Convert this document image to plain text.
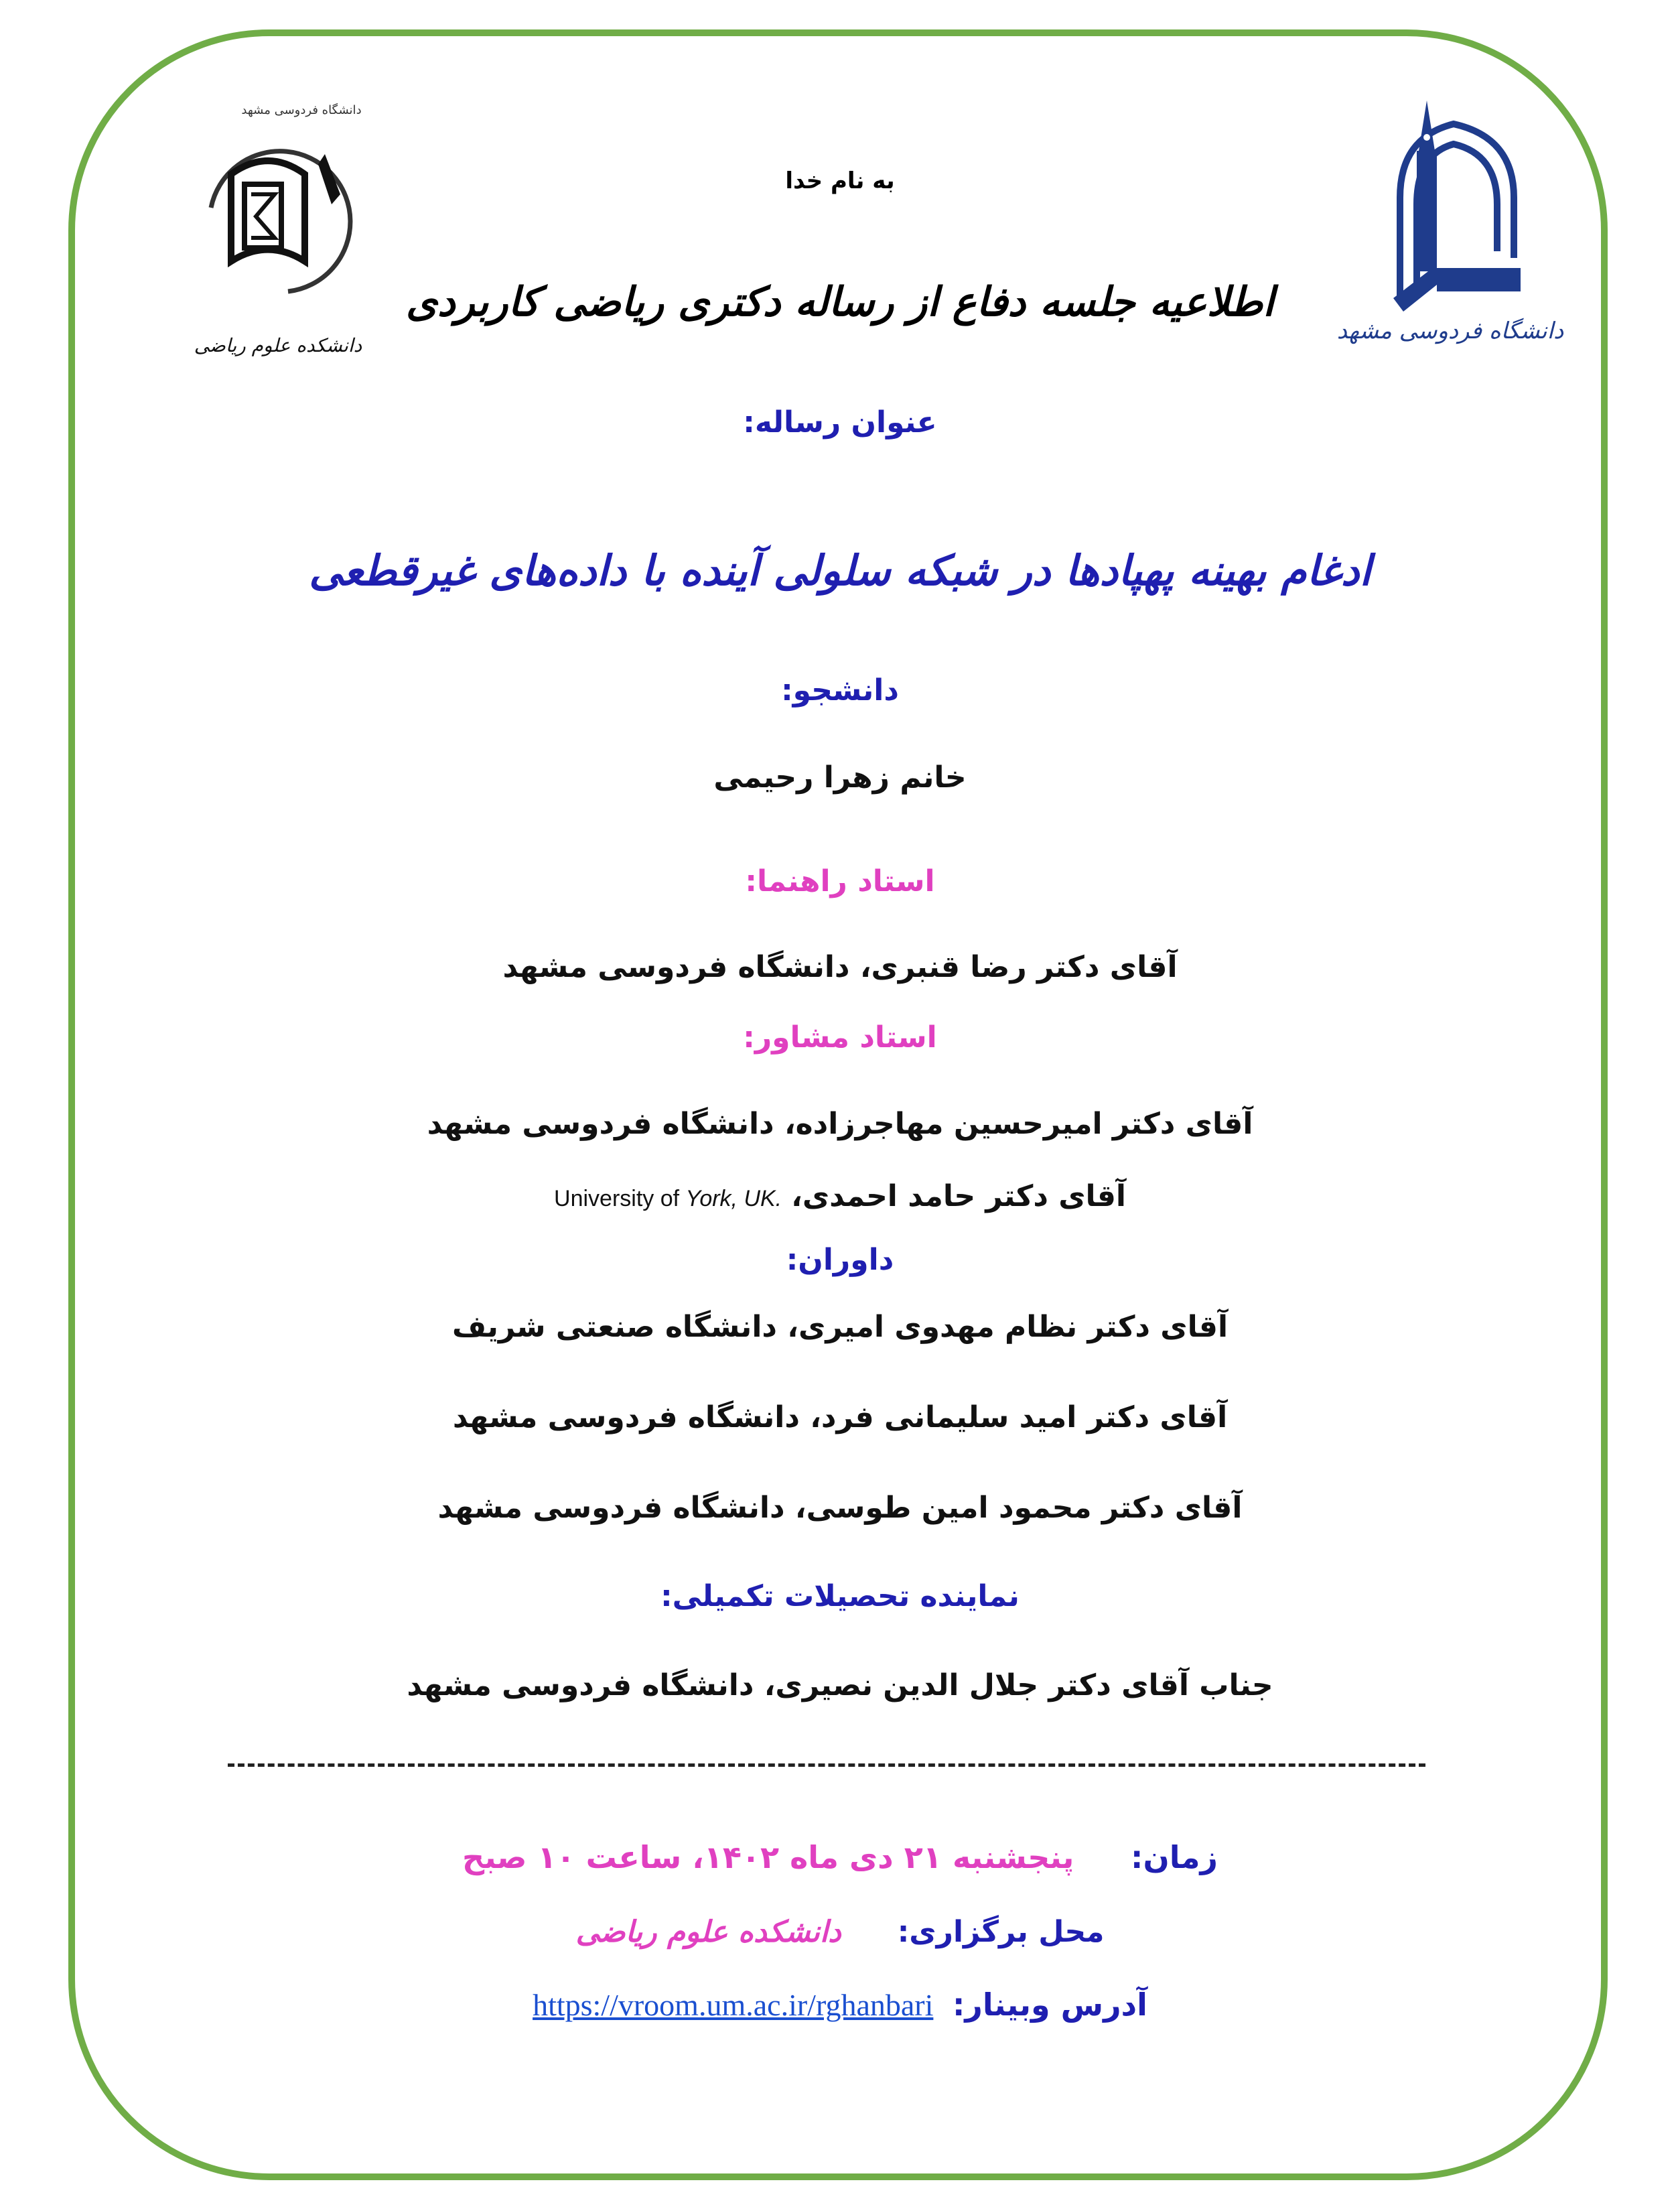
دانشگاه فردوسی مشهد
دانشکده علوم ریاضی
دانشگاه فردوسی مشهد
به نام خدا
اطلاعیه جلسه دفاع از رساله دکتری ریاضی کاربردی
عنوان رساله:
ادغام بهینه پهپادها در شبکه سلولی آینده با داده‌های غیرقطعی
دانشجو:
خانم زهرا رحیمی
استاد راهنما:
آقای دکتر رضا قنبری، دانشگاه فردوسی مشهد
استاد مشاور:
آقای دکتر امیرحسین مهاجرزاده، دانشگاه فردوسی مشهد
آقای دکتر حامد احمدی، University of York, UK.
داوران:
آقای دکتر نظام مهدوی امیری، دانشگاه صنعتی شریف
آقای دکتر امید سلیمانی فرد، دانشگاه فردوسی مشهد
آقای دکتر محمود امین طوسی، دانشگاه فردوسی مشهد
نماینده تحصیلات تکمیلی:
جناب آقای دکتر جلال الدین نصیری، دانشگاه فردوسی مشهد
زمان: پنجشنبه ۲۱ دی ماه ۱۴۰۲، ساعت ۱۰ صبح
محل برگزاری: دانشکده علوم ریاضی
آدرس وبینار: https://vroom.um.ac.ir/rghanbari
